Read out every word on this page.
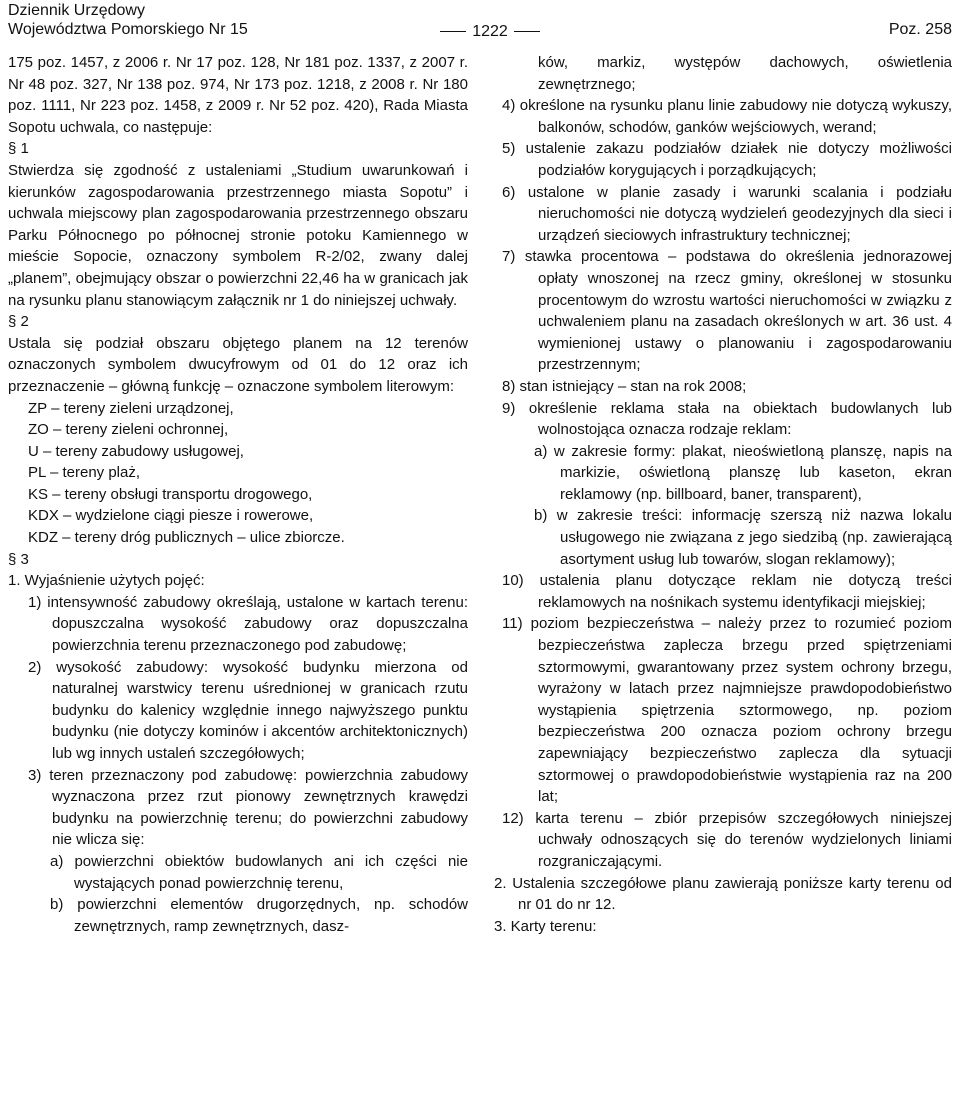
Dziennik Urzędowy
Województwa Pomorskiego Nr 15	1222	Poz. 258

175 poz. 1457, z 2006 r. Nr 17 poz. 128, Nr 181 poz. 1337, z 2007 r. Nr 48 poz. 327, Nr 138 poz. 974, Nr 173 poz. 1218, z 2008 r. Nr 180 poz. 1111, Nr 223 poz. 1458, z 2009 r. Nr 52 poz. 420), Rada Miasta Sopotu uchwala, co następuje:

§ 1

Stwierdza się zgodność z ustaleniami „Studium uwarunkowań i kierunków zagospodarowania przestrzennego miasta Sopotu” i uchwala miejscowy plan zagospodarowania przestrzennego obszaru Parku Północnego po północnej stronie potoku Kamiennego w mieście Sopocie, oznaczony symbolem R-2/02, zwany dalej „planem”, obejmujący obszar o powierzchni 22,46 ha w granicach jak na rysunku planu stanowiącym załącznik nr 1 do niniejszej uchwały.

§ 2

Ustala się podział obszaru objętego planem na 12 terenów oznaczonych symbolem dwucyfrowym od 01 do 12 oraz ich przeznaczenie – główną funkcję – oznaczone symbolem literowym:

ZP – tereny zieleni urządzonej,

ZO – tereny zieleni ochronnej,

U – tereny zabudowy usługowej,

PL – tereny plaż,

KS – tereny obsługi transportu drogowego,

KDX – wydzielone ciągi piesze i rowerowe,

KDZ – tereny dróg publicznych – ulice zbiorcze.

§ 3

1. Wyjaśnienie użytych pojęć:

1) intensywność zabudowy określają, ustalone w kartach terenu: dopuszczalna wysokość zabudowy oraz dopuszczalna powierzchnia terenu przeznaczonego pod zabudowę;

2) wysokość zabudowy: wysokość budynku mierzona od naturalnej warstwicy terenu uśrednionej w granicach rzutu budynku do kalenicy względnie innego najwyższego punktu budynku (nie dotyczy kominów i akcentów architektonicznych) lub wg innych ustaleń szczegółowych;

3) teren przeznaczony pod zabudowę: powierzchnia zabudowy wyznaczona przez rzut pionowy zewnętrznych krawędzi budynku na powierzchnię terenu; do powierzchni zabudowy nie wlicza się:

a) powierzchni obiektów budowlanych ani ich części nie wystających ponad powierzchnię terenu,

b) powierzchni elementów drugorzędnych, np. schodów zewnętrznych, ramp zewnętrznych, dasz-

ków, markiz, występów dachowych, oświetlenia zewnętrznego;

4) określone na rysunku planu linie zabudowy nie dotyczą wykuszy, balkonów, schodów, ganków wejściowych, werand;

5) ustalenie zakazu podziałów działek nie dotyczy możliwości podziałów korygujących i porządkujących;

6) ustalone w planie zasady i warunki scalania i podziału nieruchomości nie dotyczą wydzieleń geodezyjnych dla sieci i urządzeń sieciowych infrastruktury technicznej;

7) stawka procentowa – podstawa do określenia jednorazowej opłaty wnoszonej na rzecz gminy, określonej w stosunku procentowym do wzrostu wartości nieruchomości w związku z uchwaleniem planu na zasadach określonych w art. 36 ust. 4 wymienionej ustawy o planowaniu i zagospodarowaniu przestrzennym;

8) stan istniejący – stan na rok 2008;

9) określenie reklama stała na obiektach budowlanych lub wolnostojąca oznacza rodzaje reklam:

a) w zakresie formy: plakat, nieoświetloną planszę, napis na markizie, oświetloną planszę lub kaseton, ekran reklamowy (np. billboard, baner, transparent),

b) w zakresie treści: informację szerszą niż nazwa lokalu usługowego nie związana z jego siedzibą (np. zawierającą asortyment usług lub towarów, slogan reklamowy);

10) ustalenia planu dotyczące reklam nie dotyczą treści reklamowych na nośnikach systemu identyfikacji miejskiej;

11) poziom bezpieczeństwa – należy przez to rozumieć poziom bezpieczeństwa zaplecza brzegu przed spiętrzeniami sztormowymi, gwarantowany przez system ochrony brzegu, wyrażony w latach przez najmniejsze prawdopodobieństwo wystąpienia spiętrzenia sztormowego, np. poziom bezpieczeństwa 200 oznacza poziom ochrony brzegu zapewniający bezpieczeństwo zaplecza dla sytuacji sztormowej o prawdopodobieństwie wystąpienia raz na 200 lat;

12) karta terenu – zbiór przepisów szczegółowych niniejszej uchwały odnoszących się do terenów wydzielonych liniami rozgraniczającymi.

2. Ustalenia szczegółowe planu zawierają poniższe karty terenu od nr 01 do nr 12.

3. Karty terenu:
